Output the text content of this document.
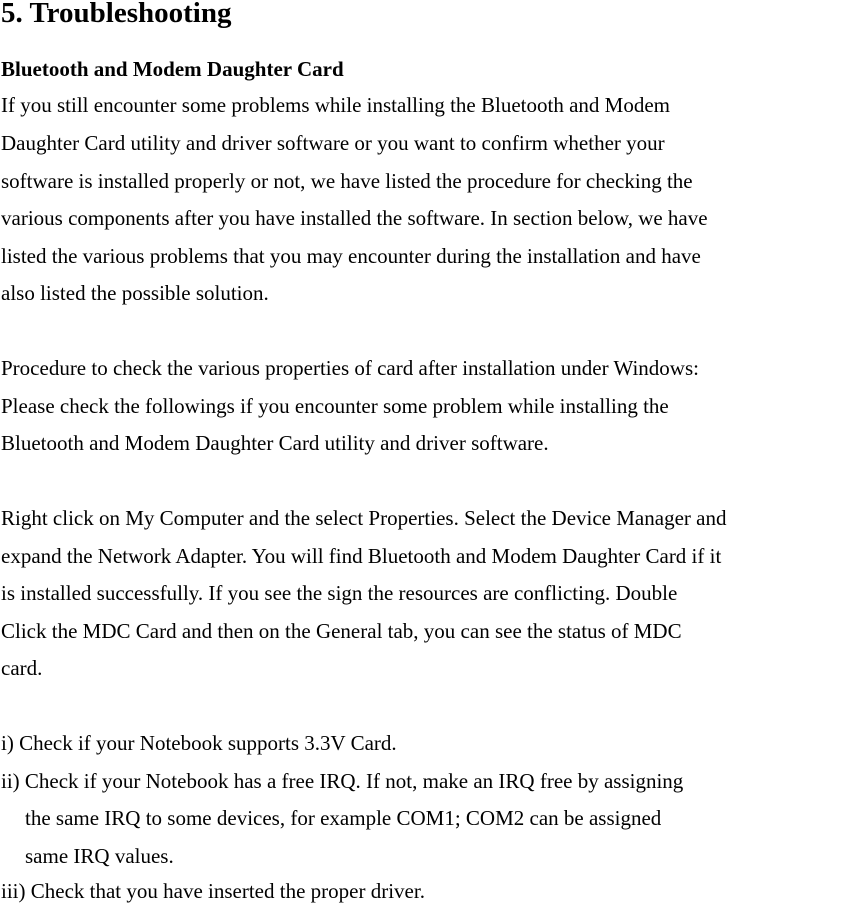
5. Troubleshooting
Bluetooth and Modem Daughter Card

If you still encounter some problems while installing the Bluetooth and Modem

Daughter Card utility and driver software or you want to confirm whether your

software is installed properly or not, we have listed the procedure for checking the

various components after you have installed the software. In section below, we have

listed the various problems that you may encounter during the installation and have

also listed the possible solution.

Procedure to check the various properties of card after installation under Windows:

Please check the followings if you encounter some problem while installing the

Bluetooth and Modem Daughter Card utility and driver software.

Right click on My Computer and the select Properties. Select the Device Manager and

expand the Network Adapter. You will find Bluetooth and Modem Daughter Card if it

is installed successfully. If you see the sign the resources are conflicting. Double

Click the MDC Card and then on the General tab, you can see the status of MDC

card.

i) Check if your Notebook supports 3.3V Card.

ii) Check if your Notebook has a free IRQ. If not, make an IRQ free by assigning

the same IRQ to some devices, for example COM1; COM2 can be assigned

same IRQ values.

iii) Check that you have inserted the proper driver.
